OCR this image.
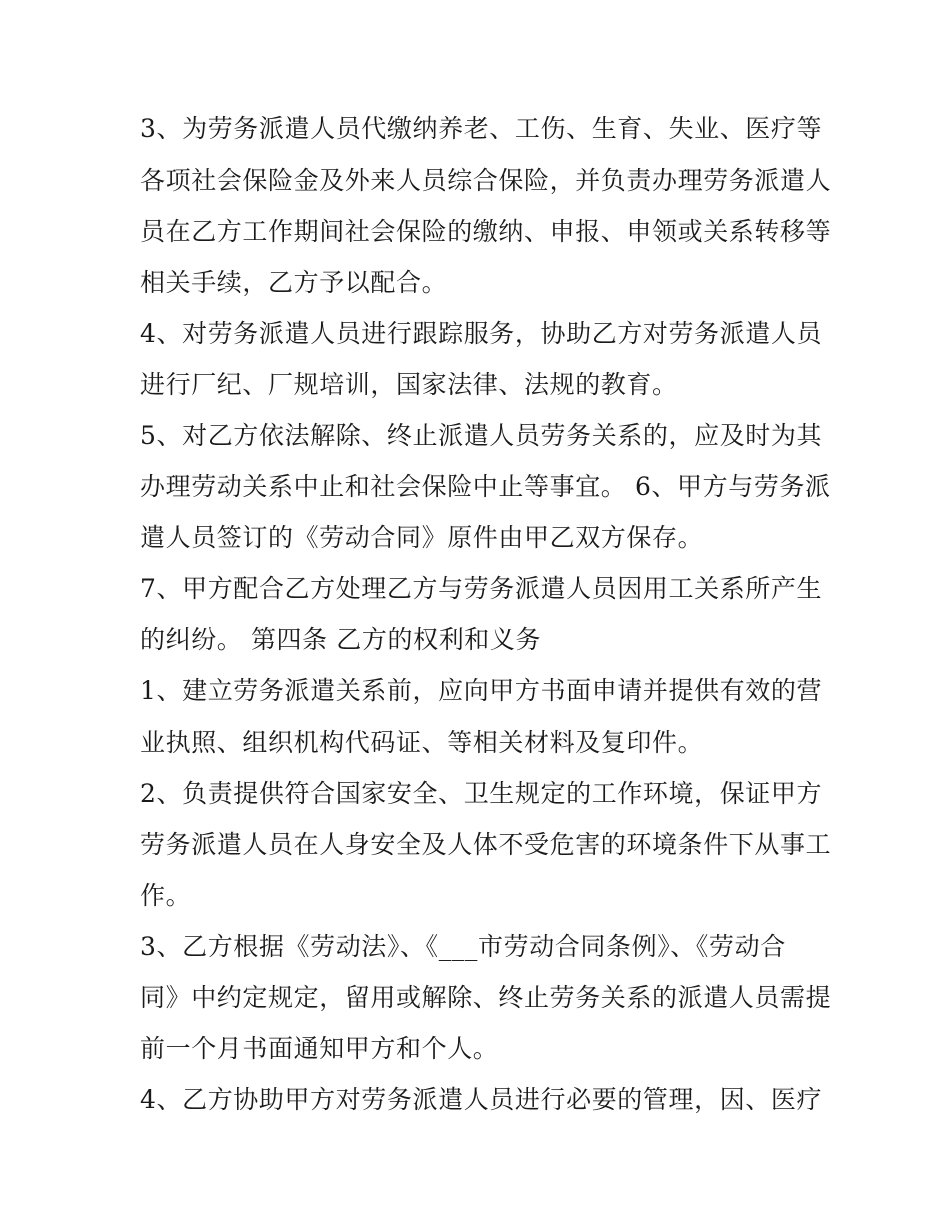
3、为劳务派遣人员代缴纳养老、工伤、生育、失业、医疗等
各项社会保险金及外来人员综合保险，并负责办理劳务派遣人
员在乙方工作期间社会保险的缴纳、申报、申领或关系转移等
相关手续，乙方予以配合。
4、对劳务派遣人员进行跟踪服务，协助乙方对劳务派遣人员
进行厂纪、厂规培训，国家法律、法规的教育。
5、对乙方依法解除、终止派遣人员劳务关系的，应及时为其
办理劳动关系中止和社会保险中止等事宜。 6、甲方与劳务派
遣人员签订的《劳动合同》原件由甲乙双方保存。
7、甲方配合乙方处理乙方与劳务派遣人员因用工关系所产生
的纠纷。 第四条 乙方的权利和义务
1、建立劳务派遣关系前，应向甲方书面申请并提供有效的营
业执照、组织机构代码证、等相关材料及复印件。
2、负责提供符合国家安全、卫生规定的工作环境，保证甲方
劳务派遣人员在人身安全及人体不受危害的环境条件下从事工
作。
3、乙方根据《劳动法》、《___市劳动合同条例》、《劳动合
同》中约定规定，留用或解除、终止劳务关系的派遣人员需提
前一个月书面通知甲方和个人。
4、乙方协助甲方对劳务派遣人员进行必要的管理，因、医疗
